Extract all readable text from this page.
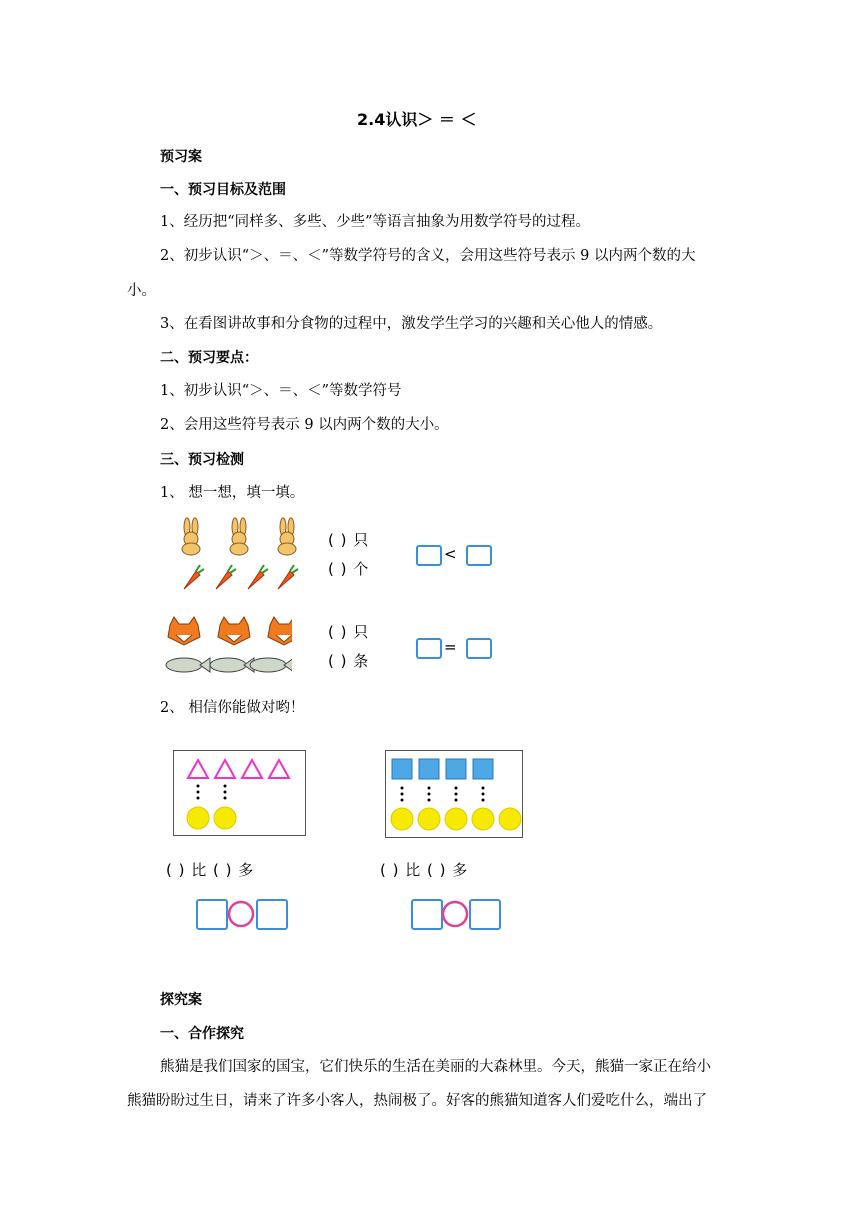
2.4认识＞ ＝ ＜
预习案
一、预习目标及范围
1、经历把“同样多、多些、少些”等语言抽象为用数学符号的过程。
2、初步认识“＞、＝、＜”等数学符号的含义，会用这些符号表示 9 以内两个数的大
小。
3、在看图讲故事和分食物的过程中，激发学生学习的兴趣和关心他人的情感。
二、预习要点：
1、初步认识“＞、＝、＜”等数学符号
2、会用这些符号表示 9 以内两个数的大小。
三、预习检测
1、 想一想，填一填。
( ) 只
( ) 个
<
( ) 只
( ) 条
=
2、 相信你能做对哟！
( ) 比 ( ) 多	( ) 比 ( ) 多
探究案
一、合作探究
熊猫是我们国家的国宝，它们快乐的生活在美丽的大森林里。今天，熊猫一家正在给小
熊猫盼盼过生日，请来了许多小客人，热闹极了。好客的熊猫知道客人们爱吃什么，端出了
